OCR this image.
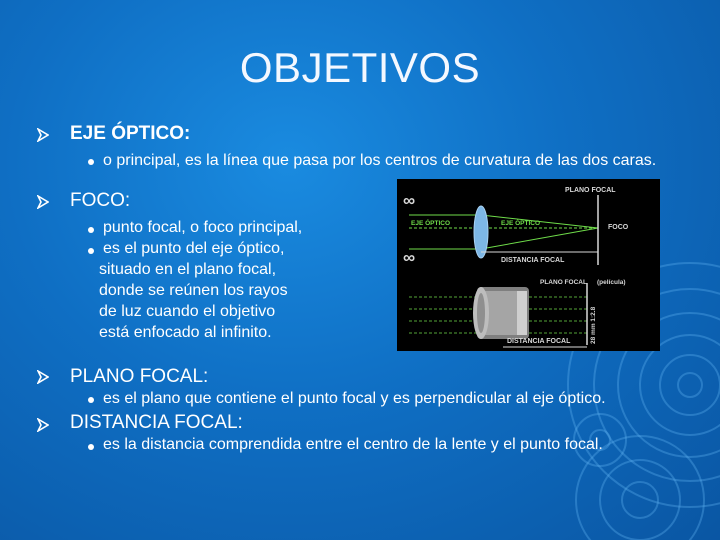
OBJETIVOS
EJE ÓPTICO:
o principal, es la línea que pasa por los centros de curvatura de las dos caras.
FOCO:
punto focal, o foco principal,
es el punto del eje óptico,
situado en el plano focal,
donde se reúnen los rayos
de luz cuando el objetivo
está enfocado al infinito.
∞
∞
PLANO FOCAL
EJE ÓPTICO	EJE ÓPTICO
FOCO
DISTANCIA FOCAL
PLANO FOCAL (película)
28 mm 1:2.8
DISTANCIA FOCAL
PLANO FOCAL:
es el plano que contiene el punto focal y es perpendicular al eje óptico.
DISTANCIA FOCAL:
es la distancia comprendida entre el centro de la lente y el punto focal.
